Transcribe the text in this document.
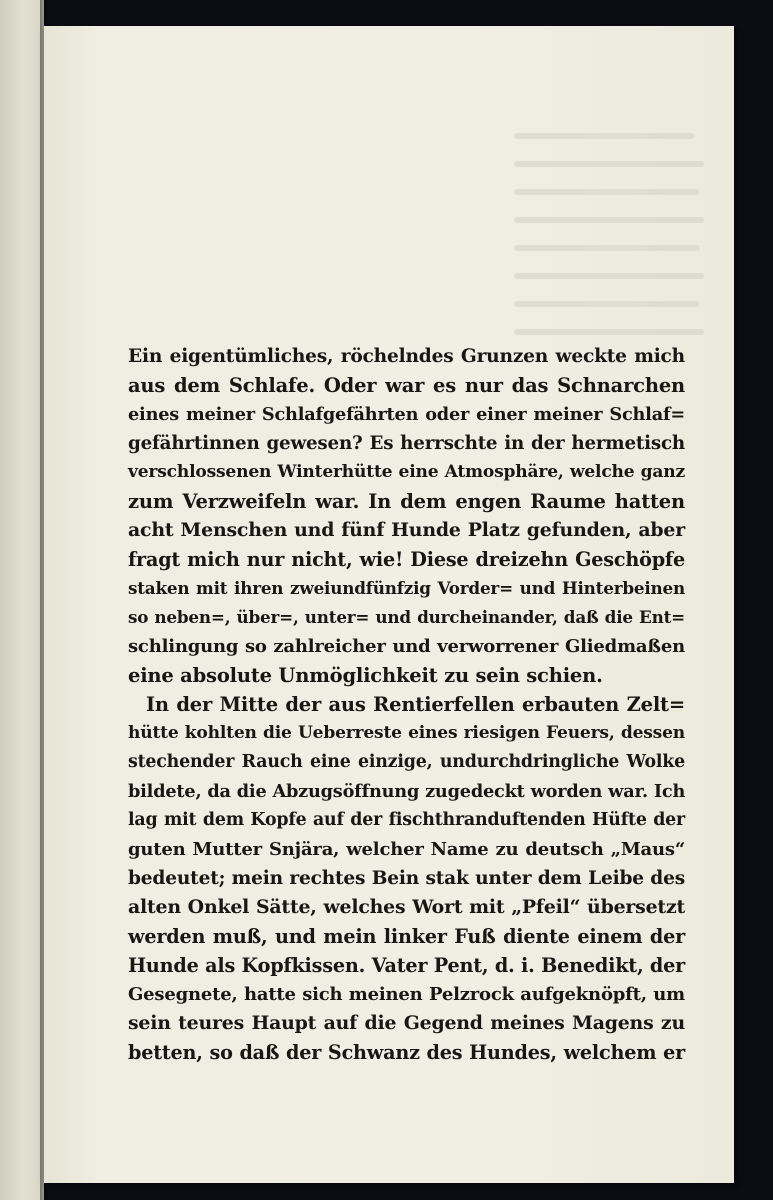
Ein eigentümliches, röchelndes Grunzen weckte mich
aus dem Schlafe. Oder war es nur das Schnarchen
eines meiner Schlafgefährten oder einer meiner Schlaf=
gefährtinnen gewesen? Es herrschte in der hermetisch
verschlossenen Winterhütte eine Atmosphäre, welche ganz
zum Verzweifeln war. In dem engen Raume hatten
acht Menschen und fünf Hunde Platz gefunden, aber
fragt mich nur nicht, wie! Diese dreizehn Geschöpfe
staken mit ihren zweiundfünfzig Vorder= und Hinterbeinen
so neben=, über=, unter= und durcheinander, daß die Ent=
schlingung so zahlreicher und verworrener Gliedmaßen
eine absolute Unmöglichkeit zu sein schien.
In der Mitte der aus Rentierfellen erbauten Zelt=
hütte kohlten die Ueberreste eines riesigen Feuers, dessen
stechender Rauch eine einzige, undurchdringliche Wolke
bildete, da die Abzugsöffnung zugedeckt worden war. Ich
lag mit dem Kopfe auf der fischthranduftenden Hüfte der
guten Mutter Snjära, welcher Name zu deutsch „Maus“
bedeutet; mein rechtes Bein stak unter dem Leibe des
alten Onkel Sätte, welches Wort mit „Pfeil“ übersetzt
werden muß, und mein linker Fuß diente einem der
Hunde als Kopfkissen. Vater Pent, d. i. Benedikt, der
Gesegnete, hatte sich meinen Pelzrock aufgeknöpft, um
sein teures Haupt auf die Gegend meines Magens zu
betten, so daß der Schwanz des Hundes, welchem er
